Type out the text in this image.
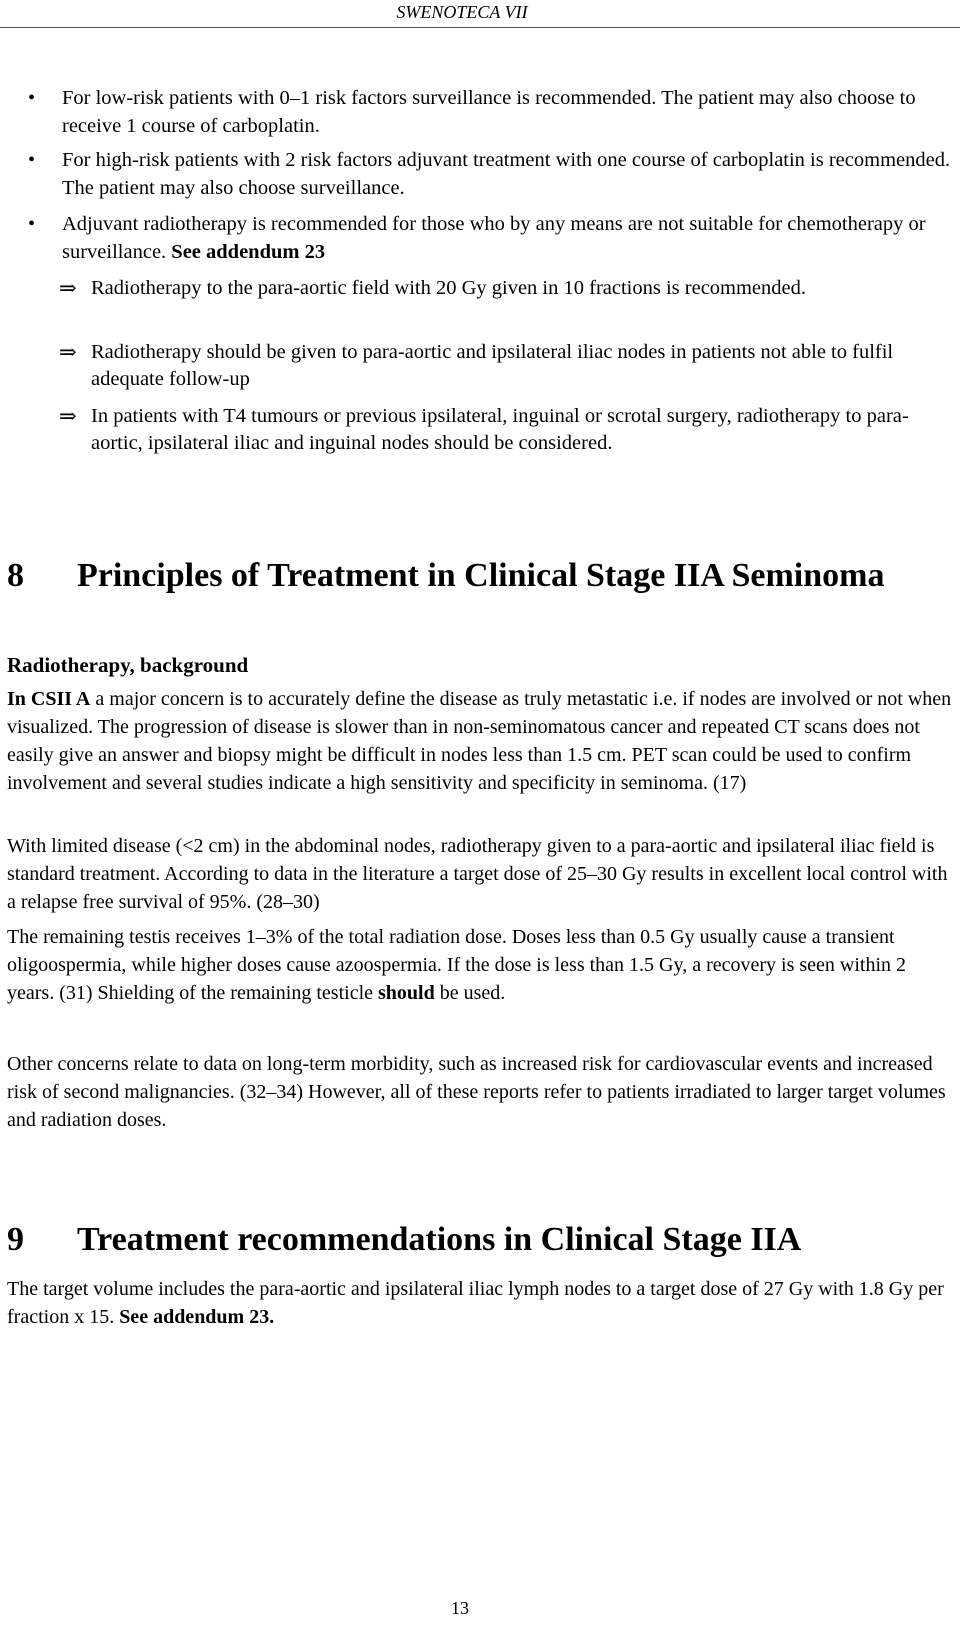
SWENOTECA VII
• For low-risk patients with 0–1 risk factors surveillance is recommended. The patient may also choose to receive 1 course of carboplatin.
• For high-risk patients with 2 risk factors adjuvant treatment with one course of carboplatin is recommended. The patient may also choose surveillance.
• Adjuvant radiotherapy is recommended for those who by any means are not suitable for chemotherapy or surveillance. See addendum 23
⇒ Radiotherapy to the para-aortic field with 20 Gy given in 10 fractions is recommended.
⇒ Radiotherapy should be given to para-aortic and ipsilateral iliac nodes in patients not able to fulfil adequate follow-up
⇒ In patients with T4 tumours or previous ipsilateral, inguinal or scrotal surgery, radiotherapy to para-aortic, ipsilateral iliac and inguinal nodes should be considered.
8 Principles of Treatment in Clinical Stage IIA Seminoma
Radiotherapy, background
In CSII A a major concern is to accurately define the disease as truly metastatic i.e. if nodes are involved or not when visualized. The progression of disease is slower than in non-seminomatous cancer and repeated CT scans does not easily give an answer and biopsy might be difficult in nodes less than 1.5 cm. PET scan could be used to confirm involvement and several studies indicate a high sensitivity and specificity in seminoma. (17)
With limited disease (<2 cm) in the abdominal nodes, radiotherapy given to a para-aortic and ipsilateral iliac field is standard treatment. According to data in the literature a target dose of 25–30 Gy results in excellent local control with a relapse free survival of 95%. (28–30)
The remaining testis receives 1–3% of the total radiation dose. Doses less than 0.5 Gy usually cause a transient oligoospermia, while higher doses cause azoospermia. If the dose is less than 1.5 Gy, a recovery is seen within 2 years. (31) Shielding of the remaining testicle should be used.
Other concerns relate to data on long-term morbidity, such as increased risk for cardiovascular events and increased risk of second malignancies. (32–34) However, all of these reports refer to patients irradiated to larger target volumes and radiation doses.
9 Treatment recommendations in Clinical Stage IIA
The target volume includes the para-aortic and ipsilateral iliac lymph nodes to a target dose of 27 Gy with 1.8 Gy per fraction x 15. See addendum 23.
13
